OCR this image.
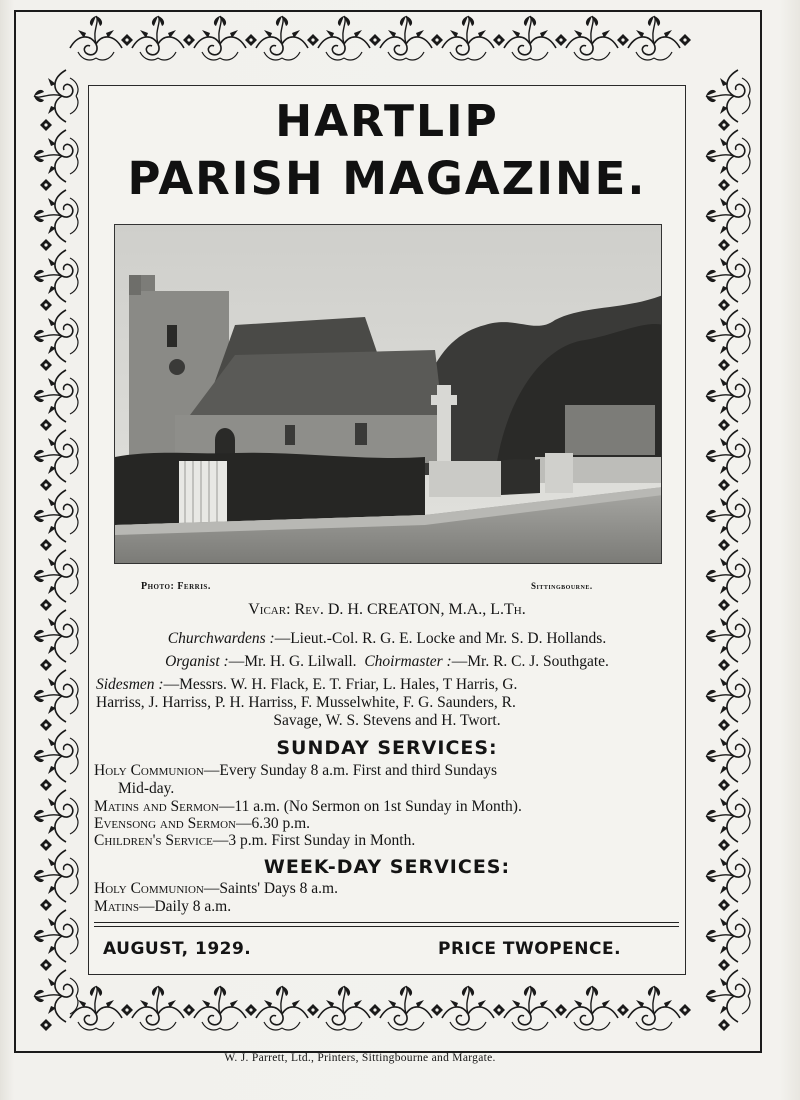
HARTLIP
PARISH MAGAZINE.
Photo: Ferris.	Sittingbourne.
Vicar: Rev. D. H. CREATON, M.A., L.Th.
Churchwardens :—Lieut.-Col. R. G. E. Locke and Mr. S. D. Hollands.
Organist :—Mr. H. G. Lilwall. Choirmaster :—Mr. R. C. J. Southgate.
Sidesmen :—Messrs. W. H. Flack, E. T. Friar, L. Hales, T Harris, G.
Harriss, J. Harriss, P. H. Harriss, F. Musselwhite, F. G. Saunders, R.
Savage, W. S. Stevens and H. Twort.
SUNDAY SERVICES:
Holy Communion—Every Sunday 8 a.m. First and third Sundays
Mid-day.
Matins and Sermon—11 a.m. (No Sermon on 1st Sunday in Month).
Evensong and Sermon—6.30 p.m.
Children's Service—3 p.m. First Sunday in Month.
WEEK-DAY SERVICES:
Holy Communion—Saints' Days 8 a.m.
Matins—Daily 8 a.m.
AUGUST, 1929.	PRICE TWOPENCE.
W. J. Parrett, Ltd., Printers, Sittingbourne and Margate.
